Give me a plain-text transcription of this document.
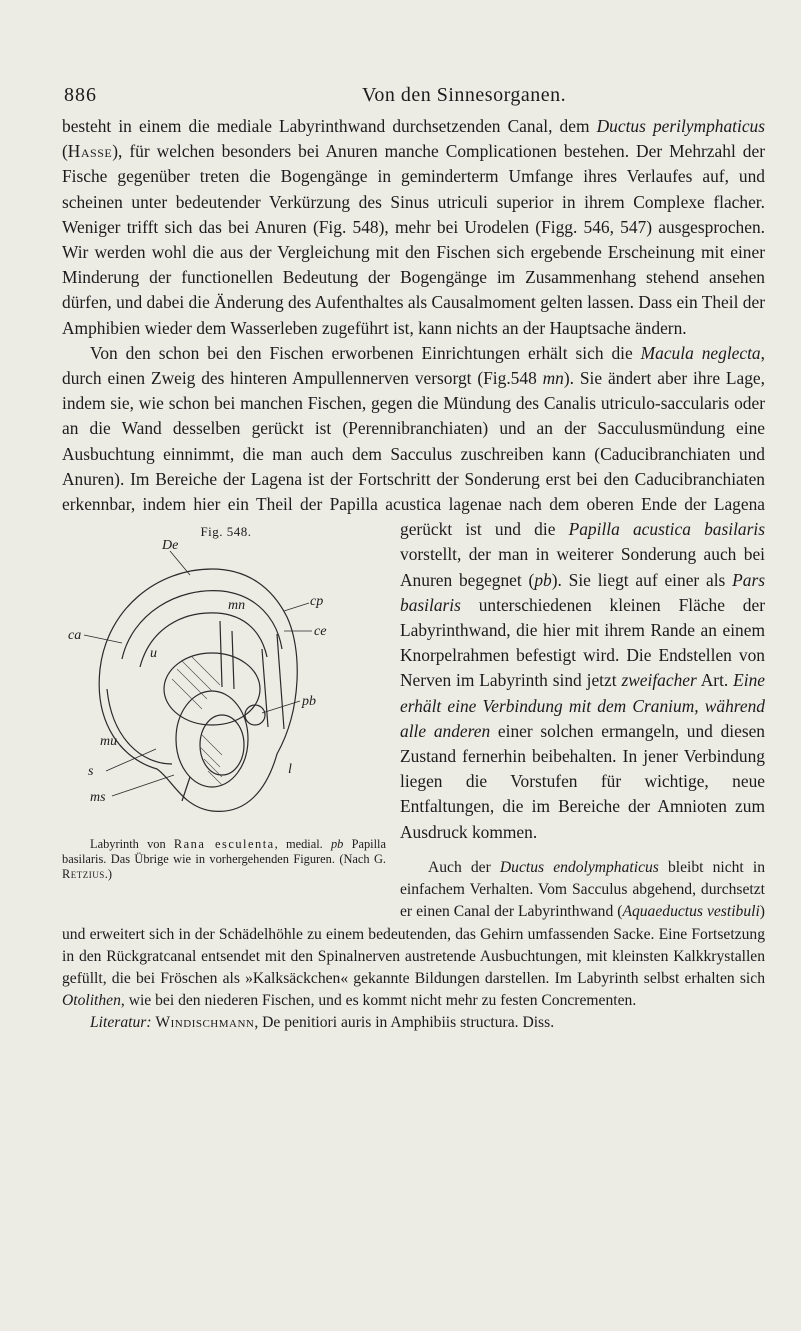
886	Von den Sinnesorganen.

besteht in einem die mediale Labyrinthwand durchsetzenden Canal, dem Ductus perilymphaticus (Hasse), für welchen besonders bei Anuren manche Complicationen bestehen. Der Mehrzahl der Fische gegenüber treten die Bogengänge in geminderterm Umfange ihres Verlaufes auf, und scheinen unter bedeutender Verkürzung des Sinus utriculi superior in ihrem Complexe flacher. Weniger trifft sich das bei Anuren (Fig. 548), mehr bei Urodelen (Figg. 546, 547) ausgesprochen. Wir werden wohl die aus der Vergleichung mit den Fischen sich ergebende Erscheinung mit einer Minderung der functionellen Bedeutung der Bogengänge im Zusammenhang stehend ansehen dürfen, und dabei die Änderung des Aufenthaltes als Causalmoment gelten lassen. Dass ein Theil der Amphibien wieder dem Wasserleben zugeführt ist, kann nichts an der Hauptsache ändern.

Von den schon bei den Fischen erworbenen Einrichtungen erhält sich die Macula neglecta, durch einen Zweig des hinteren Ampullennerven versorgt (Fig.548 mn). Sie ändert aber ihre Lage, indem sie, wie schon bei manchen Fischen, gegen die Mündung des Canalis utriculo-saccularis oder an die Wand desselben gerückt ist (Perennibranchiaten) und an der Sacculusmündung eine Ausbuchtung einnimmt, die man auch dem Sacculus zuschreiben kann (Caducibranchiaten und Anuren). Im Bereiche der Lagena ist der Fortschritt der Sonderung erst bei den Caducibranchiaten erkennbar, indem hier ein Theil der Papilla acustica lagenae nach dem oberen Ende der Lagena gerückt ist und die
Fig. 548.
De
ca
cp
ce
mn
u
mu
s
ms
pb
l
Labyrinth von Rana esculenta, medial. pb Papilla basilaris. Das Übrige wie in vorhergehenden Figuren. (Nach G. Retzius.)
Papilla acustica basilaris vorstellt, der man in weiterer Sonderung auch bei Anuren begegnet (pb). Sie liegt auf einer als Pars basilaris unterschiedenen kleinen Fläche der Labyrinthwand, die hier mit ihrem Rande an einem Knorpelrahmen befestigt wird. Die Endstellen von Nerven im Labyrinth sind jetzt zweifacher Art. Eine erhält eine Verbindung mit dem Cranium, während alle anderen einer solchen ermangeln, und diesen Zustand fernerhin beibehalten. In jener Verbindung liegen die Vorstufen für wichtige, neue Entfaltungen, die im Bereiche der Amnioten zum Ausdruck kommen.

Auch der Ductus endolymphaticus bleibt nicht in einfachem Verhalten. Vom Sacculus abgehend, durchsetzt er einen Canal der Labyrinthwand (Aquaeductus vestibuli) und erweitert sich in der Schädelhöhle zu einem bedeutenden, das Gehirn umfassenden Sacke. Eine Fortsetzung in den Rückgratcanal entsendet mit den Spinalnerven austretende Ausbuchtungen, mit kleinsten Kalkkrystallen gefüllt, die bei Fröschen als »Kalksäckchen« gekannte Bildungen darstellen. Im Labyrinth selbst erhalten sich Otolithen, wie bei den niederen Fischen, und es kommt nicht mehr zu festen Concrementen.

Literatur: Windischmann, De penitiori auris in Amphibiis structura. Diss.
